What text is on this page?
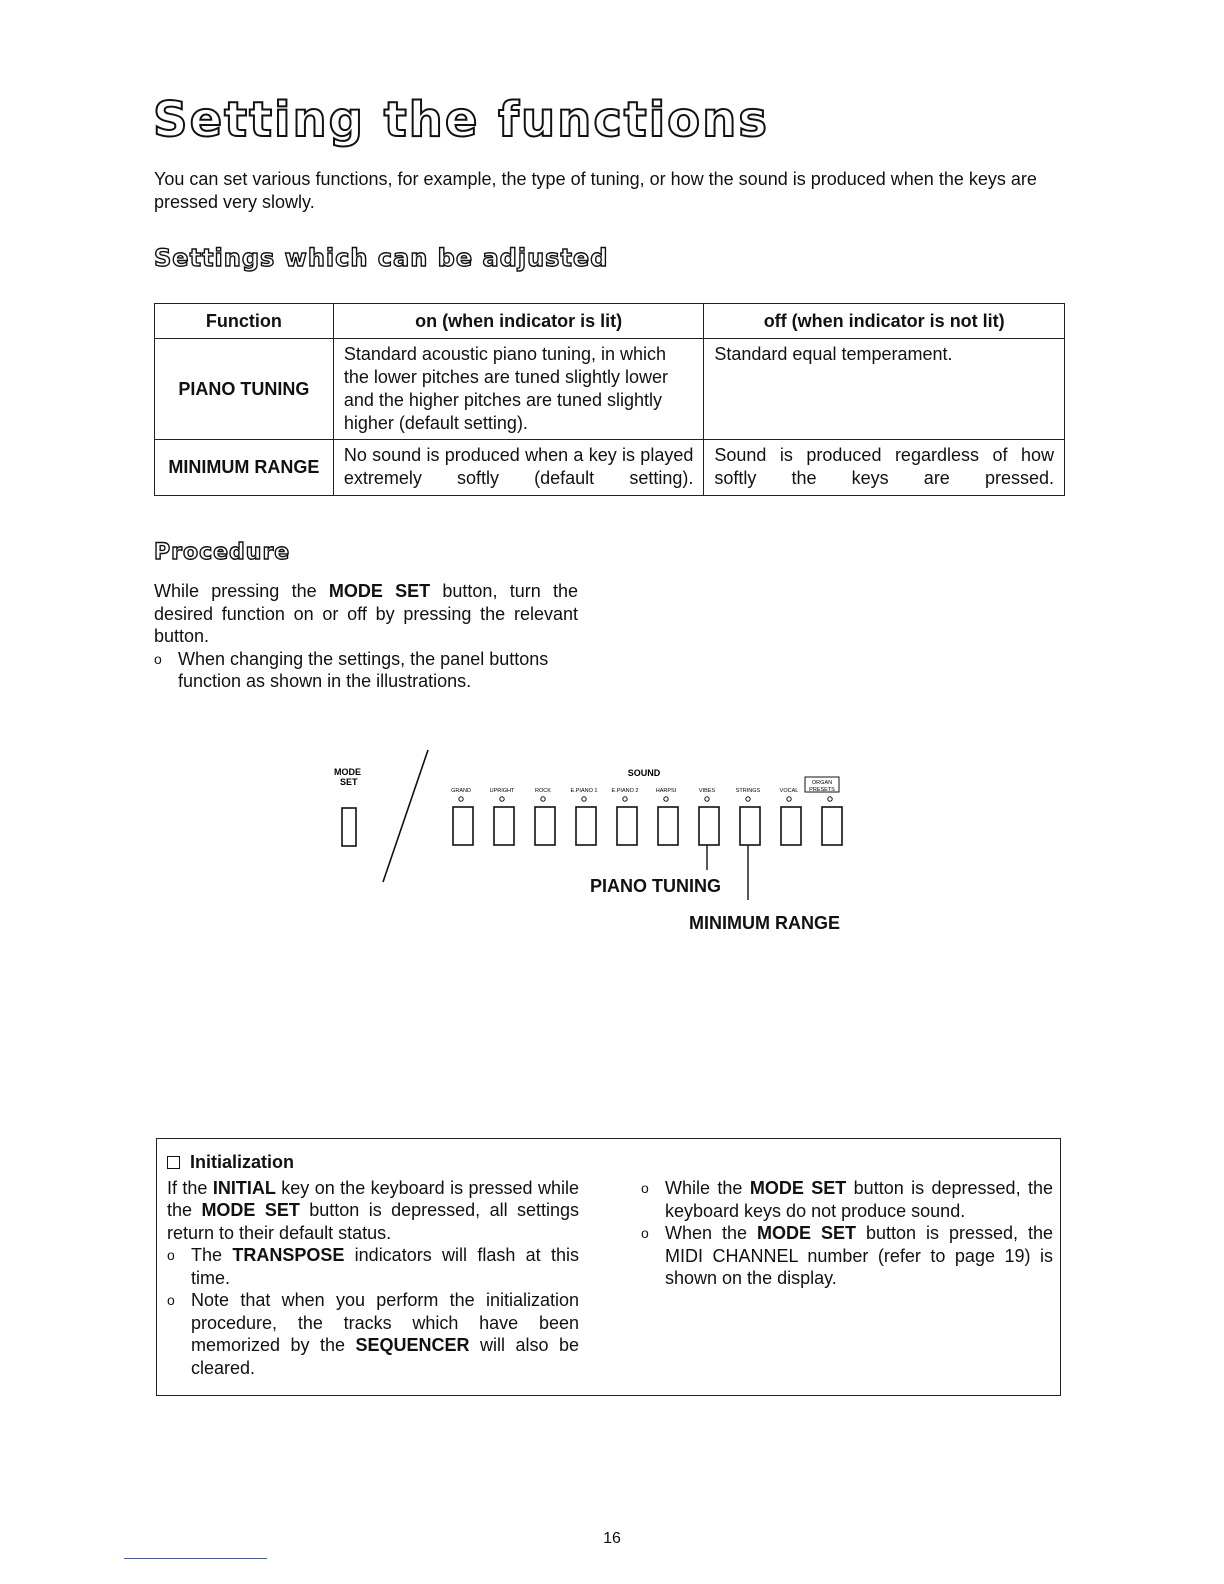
Setting the functions
You can set various functions, for example, the type of tuning, or how the sound is produced when the keys are pressed very slowly.
Settings which can be adjusted
Function	on (when indicator is lit)	off (when indicator is not lit)
PIANO TUNING	Standard acoustic piano tuning, in which the lower pitches are tuned slightly lower and the higher pitches are tuned slightly higher (default setting).	Standard equal temperament.
MINIMUM RANGE	No sound is produced when a key is played extremely softly (default setting).	Sound is produced regardless of how softly the keys are pressed.
Procedure
While pressing the MODE SET button, turn the desired function on or off by pressing the relevant button.
o When changing the settings, the panel buttons function as shown in the illustrations.
MODE
SET
SOUND
GRAND	UPRIGHT	ROCK	E.PIANO 1	E.PIANO 2	HARPSI	VIBES	STRINGS	VOCAL
ORGAN
PRESETS
PIANO TUNING
MINIMUM RANGE
Initialization
If the INITIAL key on the keyboard is pressed while the MODE SET button is depressed, all settings return to their default status.
o The TRANSPOSE indicators will flash at this time.
o Note that when you perform the initialization procedure, the tracks which have been memorized by the SEQUENCER will also be cleared.
o While the MODE SET button is depressed, the keyboard keys do not produce sound.
o When the MODE SET button is pressed, the MIDI CHANNEL number (refer to page 19) is shown on the display.
16
